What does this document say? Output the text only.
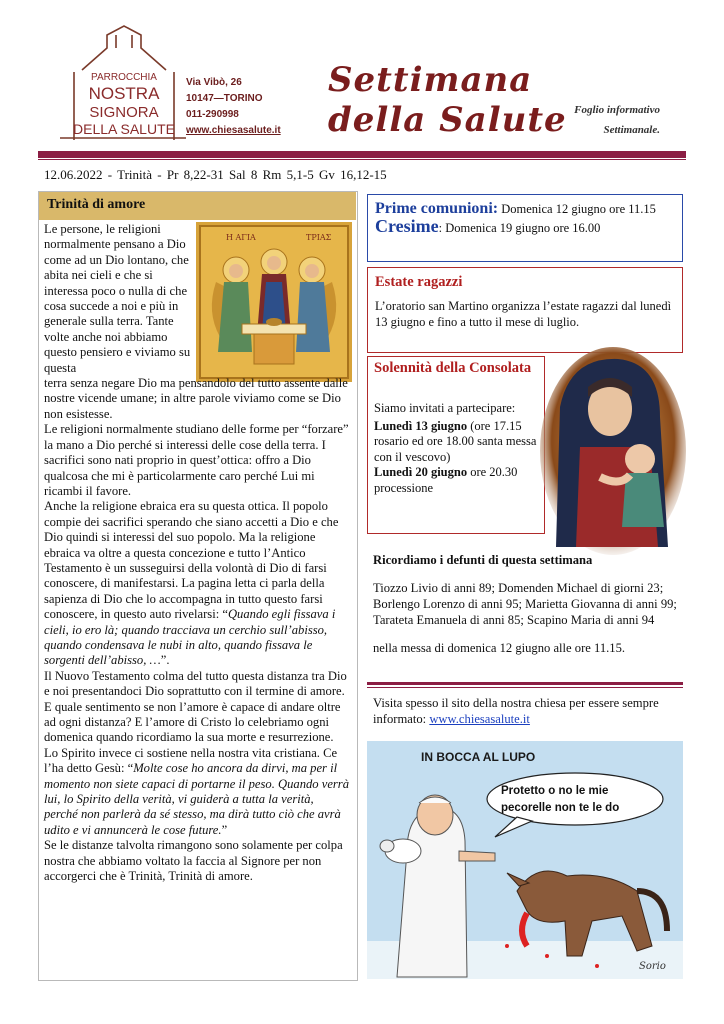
PARROCCHIA
NOSTRA
SIGNORA
DELLA SALUTE
Via Vibò, 26
10147—TORINO
011-290998
www.chiesasalute.it
Settimana
della Salute Foglio informativo
Settimanale.
12.06.2022 - Trinità - Pr 8,22-31 Sal 8 Rm 5,1-5 Gv 16,12-15
Trinità di amore
Η ΑΓΙΑ	ΤΡΙΑΣ

Le persone, le religioni normalmente pensano a Dio come ad un Dio lontano, che abita nei cieli e che si interessa poco o nulla di che cosa succede a noi e più in generale sulla terra. Tante volte anche noi abbiamo questo pensiero e viviamo su questa

terra senza negare Dio ma pensandolo del tutto assente dalle nostre vicende umane; in altre parole viviamo come se Dio non esistesse.

Le religioni normalmente studiano delle forme per “forzare” la mano a Dio perché si interessi delle cose della terra. I sacrifici sono nati proprio in quest’ottica: offro a Dio qualcosa che mi è particolarmente caro perché Lui mi ricambi il favore.

Anche la religione ebraica era su questa ottica. Il popolo compie dei sacrifici sperando che siano accetti a Dio e che Dio quindi si interessi del suo popolo. Ma la religione ebraica va oltre a questa concezione e tutto l’Antico Testamento è un susseguirsi della volontà di Dio di farsi conoscere, di manifestarsi. La pagina letta ci parla della sapienza di Dio che lo accompagna in tutto questo farsi conoscere, in questo auto rivelarsi: “Quando egli fissava i cieli, io ero là; quando tracciava un cerchio sull’abisso, quando condensava le nubi in alto, quando fissava le sorgenti dell’abisso, …”.

Il Nuovo Testamento colma del tutto questa distanza tra Dio e noi presentandoci Dio soprattutto con il termine di amore. E quale sentimento se non l’amore è capace di andare oltre ad ogni distanza? E l’amore di Cristo lo celebriamo ogni domenica quando ricordiamo la sua morte e resurrezione. Lo Spirito invece ci sostiene nella nostra vita cristiana. Ce l’ha detto Gesù: “Molte cose ho ancora da dirvi, ma per il momento non siete capaci di portarne il peso. Quando verrà lui, lo Spirito della verità, vi guiderà a tutta la verità, perché non parlerà da sé stesso, ma dirà tutto ciò che avrà udito e vi annuncerà le cose future.”

Se le distanze talvolta rimangono sono solamente per colpa nostra che abbiamo voltato la faccia al Signore per non accorgerci che è Trinità, Trinità di amore.

Prime comunioni: Domenica 12 giugno ore 11.15
Cresime: Domenica 19 giugno ore 16.00
Estate ragazzi
L’oratorio san Martino organizza l’estate ragazzi dal lunedì 13 giugno e fino a tutto il mese di luglio.
Solennità della Consolata
Siamo invitati a partecipare:
Lunedì 13 giugno (ore 17.15 rosario ed ore 18.00 santa messa con il vescovo)
Lunedì 20 giugno ore 20.30 processione
Ricordiamo i defunti di questa settimana
Tiozzo Livio di anni 89; Domenden Michael di giorni 23; Borlengo Lorenzo di anni 95; Marietta Giovanna di anni 99; Tarateta Emanuela di anni 85; Scapino Maria di anni 94
nella messa di domenica 12 giugno alle ore 11.15.
Visita spesso il sito della nostra chiesa per essere sempre informato: www.chiesasalute.it
IN BOCCA AL LUPO
Protetto o no le mie
pecorelle non te le do
Sorio
